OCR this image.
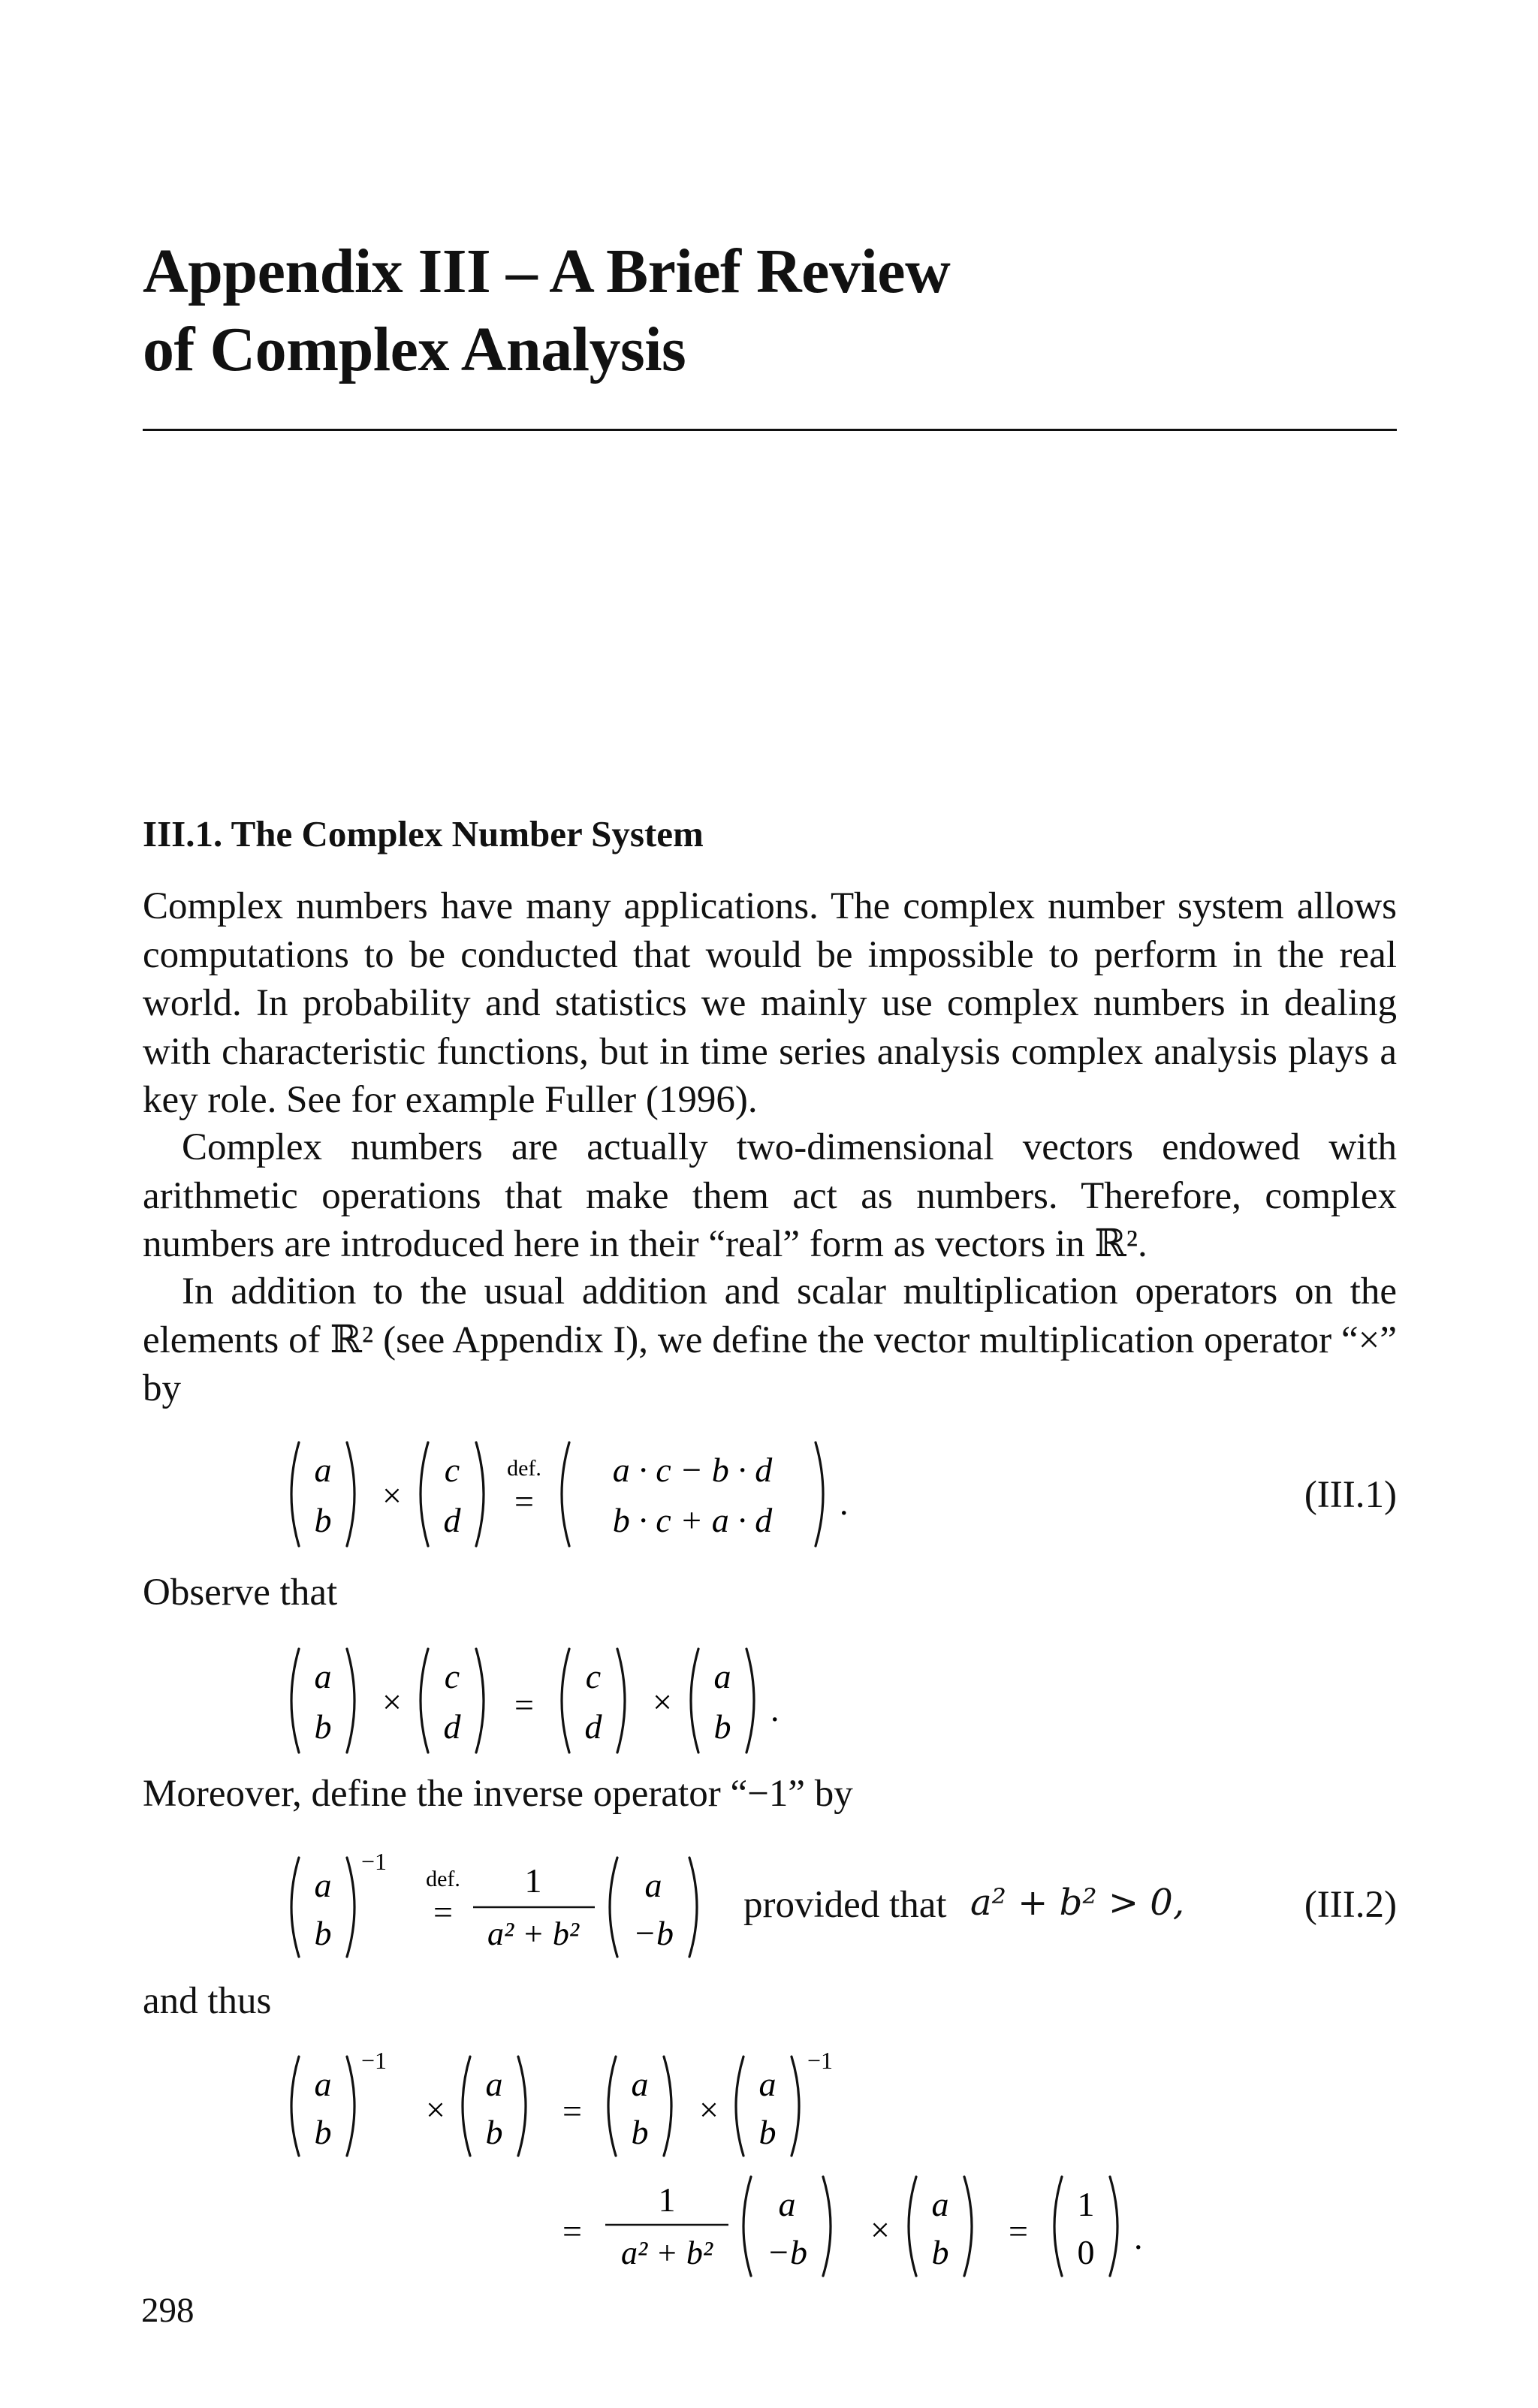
Appendix III – A Brief Review
of Complex Analysis
III.1. The Complex Number System
Complex numbers have many applications. The complex number system allows computations to be conducted that would be impossible to perform in the real world. In probability and statistics we mainly use complex numbers in dealing with characteristic functions, but in time series analysis complex analysis plays a key role. See for example Fuller (1996).
Complex numbers are actually two-dimensional vectors endowed with arithmetic operations that make them act as numbers. Therefore, complex numbers are introduced here in their “real” form as vectors in ℝ².
In addition to the usual addition and scalar multiplication operators on the elements of ℝ² (see Appendix I), we define the vector multiplication operator “×” by
a
b
×
c
d
def.
=
a · c − b · d
b · c + a · d .	(III.1)
Observe that
a
b
×
c
d
=
c
d
×
a
b .
Moreover, define the inverse operator “−1” by
a
b
−1
def.
=
1
a² + b²
a
−b
provided that a² + b² > 0,	(III.2)
and thus
a
b
−1
×
a
b
=
a
b
×
a
b
−1
=
1
a² + b²
a
−b
×
a
b
=
1
0 .
298
